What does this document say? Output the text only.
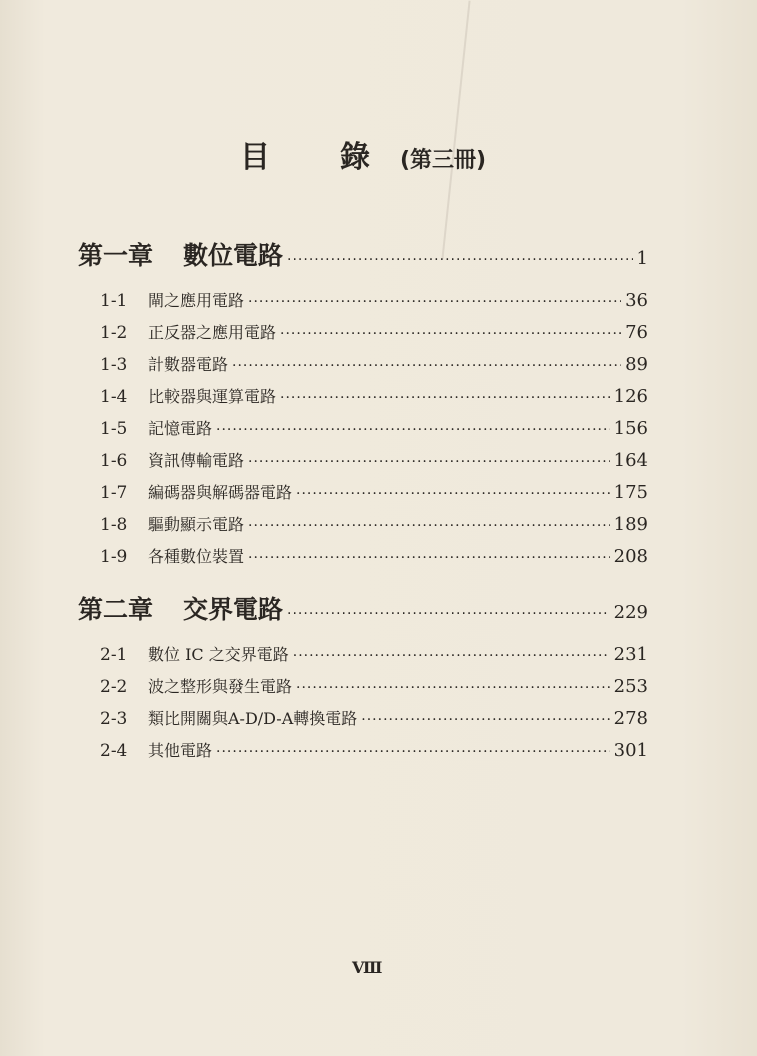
目 錄 (第三冊)
第一章 數位電路 ·····	1
1-1	閘之應用電路 ·····	36
1-2	正反器之應用電路 ·····	76
1-3	計數器電路 ·····	89
1-4	比較器與運算電路 ·····	126
1-5	記憶電路 ·····	156
1-6	資訊傳輸電路 ·····	164
1-7	編碼器與解碼器電路 ·····	175
1-8	驅動顯示電路 ·····	189
1-9	各種數位裝置 ·····	208
第二章 交界電路 ·····	229
2-1	數位 IC 之交界電路 ·····	231
2-2	波之整形與發生電路 ·····	253
2-3	類比開關與A-D/D-A轉換電路 ·····	278
2-4	其他電路 ·····	301
Ⅷ
